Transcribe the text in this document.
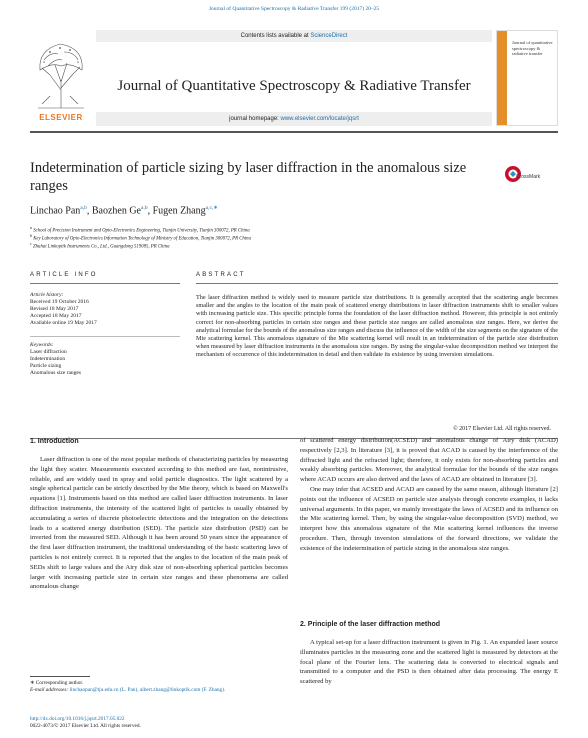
Journal of Quantitative Spectroscopy & Radiative Transfer 199 (2017) 20–25
ELSEVIER
Contents lists available at ScienceDirect
Journal of Quantitative Spectroscopy & Radiative Transfer
journal homepage: www.elsevier.com/locate/jqsrt
Journal of quantitative spectroscopy & radiative transfer
Indetermination of particle sizing by laser diffraction in the anomalous size ranges
CrossMark
Linchao Pan$^{a,b}$, Baozhen Ge$^{a,b}$, Fugen Zhang$^{a,c,∗}$
$^a$ School of Precision Instrument and Opto-Electronics Engineering, Tianjin University, Tianjin 300072, PR China
$^b$ Key Laboratory of Opto-Electronics Information Technology of Ministry of Education, Tianjin 300072, PR China
$^c$ Zhuhai Linkoptik Instruments Co., Ltd., Guangdong 519085, PR China
ARTICLE INFO
Article history:
Received 19 October 2016
Revised 18 May 2017
Accepted 18 May 2017
Available online 19 May 2017
Keywords:
Laser diffraction
Indetermination
Particle sizing
Anomalous size ranges
ABSTRACT
The laser diffraction method is widely used to measure particle size distributions. It is generally accepted that the scattering angle becomes smaller and the angles to the location of the main peak of scattered energy distributions in laser diffraction instruments shift to smaller values with increasing particle size. This specific principle forms the foundation of the laser diffraction method. However, this principle is not entirely correct for non-absorbing particles in certain size ranges and these particle size ranges are called anomalous size ranges. Here, we derive the analytical formulae for the bounds of the anomalous size ranges and discuss the influence of the width of the size segments on the signature of the Mie scattering kernel. This anomalous signature of the Mie scattering kernel will result in an indetermination of the particle size distribution when measured by laser diffraction instruments in the anomalous size ranges. By using the singular-value decomposition method we interpret the mechanism of occurrence of this indetermination in detail and then validate its existence by using inversion simulations.
© 2017 Elsevier Ltd. All rights reserved.
1. Introduction

Laser diffraction is one of the most popular methods of characterizing particles by measuring the light they scatter. Measurements executed according to this method are fast, nonintrusive, reliable, and are widely used in spray and solid particle diagnostics. The light scattered by a single spherical particle can be strictly described by the Mie theory, which is based on Maxwell's equations [1]. Instruments based on this method are called laser diffraction instruments. In laser diffraction instruments, the intensity of the scattered light of particles is usually obtained by accumulating a series of discrete photoelectric detections and the integration on the detections leads to a scattered energy distribution (SED). The particle size distribution (PSD) can be inverted from the measured SED. Although it has been around 50 years since the appearance of the first laser diffraction instrument, the traditional understanding of the basic scattering laws of particles is not entirely correct. It is reported that the angles to the location of the main peak of SEDs shift to large values and the Airy disk size of non-absorbing spherical particles becomes larger with increasing particle size in certain size ranges and these phenomena are called anomalous change

of scattered energy distribution(ACSED) and anomalous change of Airy disk (ACAD) respectively [2,3]. In literature [3], it is proved that ACAD is caused by the interference of the diffracted light and the refracted light; therefore, it only exists for non-absorbing particles and weakly absorbing particles. Moreover, the analytical formulae for the bounds of the size ranges where ACAD occurs are also derived and the laws of ACAD are obtained in literature [3].

One may infer that ACSED and ACAD are caused by the same reason, although literature [2] points out the influence of ACSED on particle size analysis through concrete examples, it lacks universal arguments. In this paper, we mainly investigate the laws of ACSED and its influence on the Mie scattering kernel. Then, by using the singular-value decomposition (SVD) method, we interpret how this anomalous signature of the Mie scattering kernel influences the inverse procedure. Then, through inversion simulations of the forward directions, we validate the existence of the indetermination of particle sizing in the anomalous size ranges.

2. Principle of the laser diffraction method

A typical set-up for a laser diffraction instrument is given in Fig. 1. An expanded laser source illuminates particles in the measuring zone and the scattered light is measured by detectors at the focal plane of the Fourier lens. The scattering data is converted to electrical signals and transmitted to a computer and the PSD is then obtained after data processing. The energy E scattered by

∗ Corresponding author.
E-mail addresses: linchaopan@tju.edu.cn (L. Pan), albert.zhang@linkoptik.com (F. Zhang).
http://dx.doi.org/10.1016/j.jqsrt.2017.05.022
0022-4073/© 2017 Elsevier Ltd. All rights reserved.
